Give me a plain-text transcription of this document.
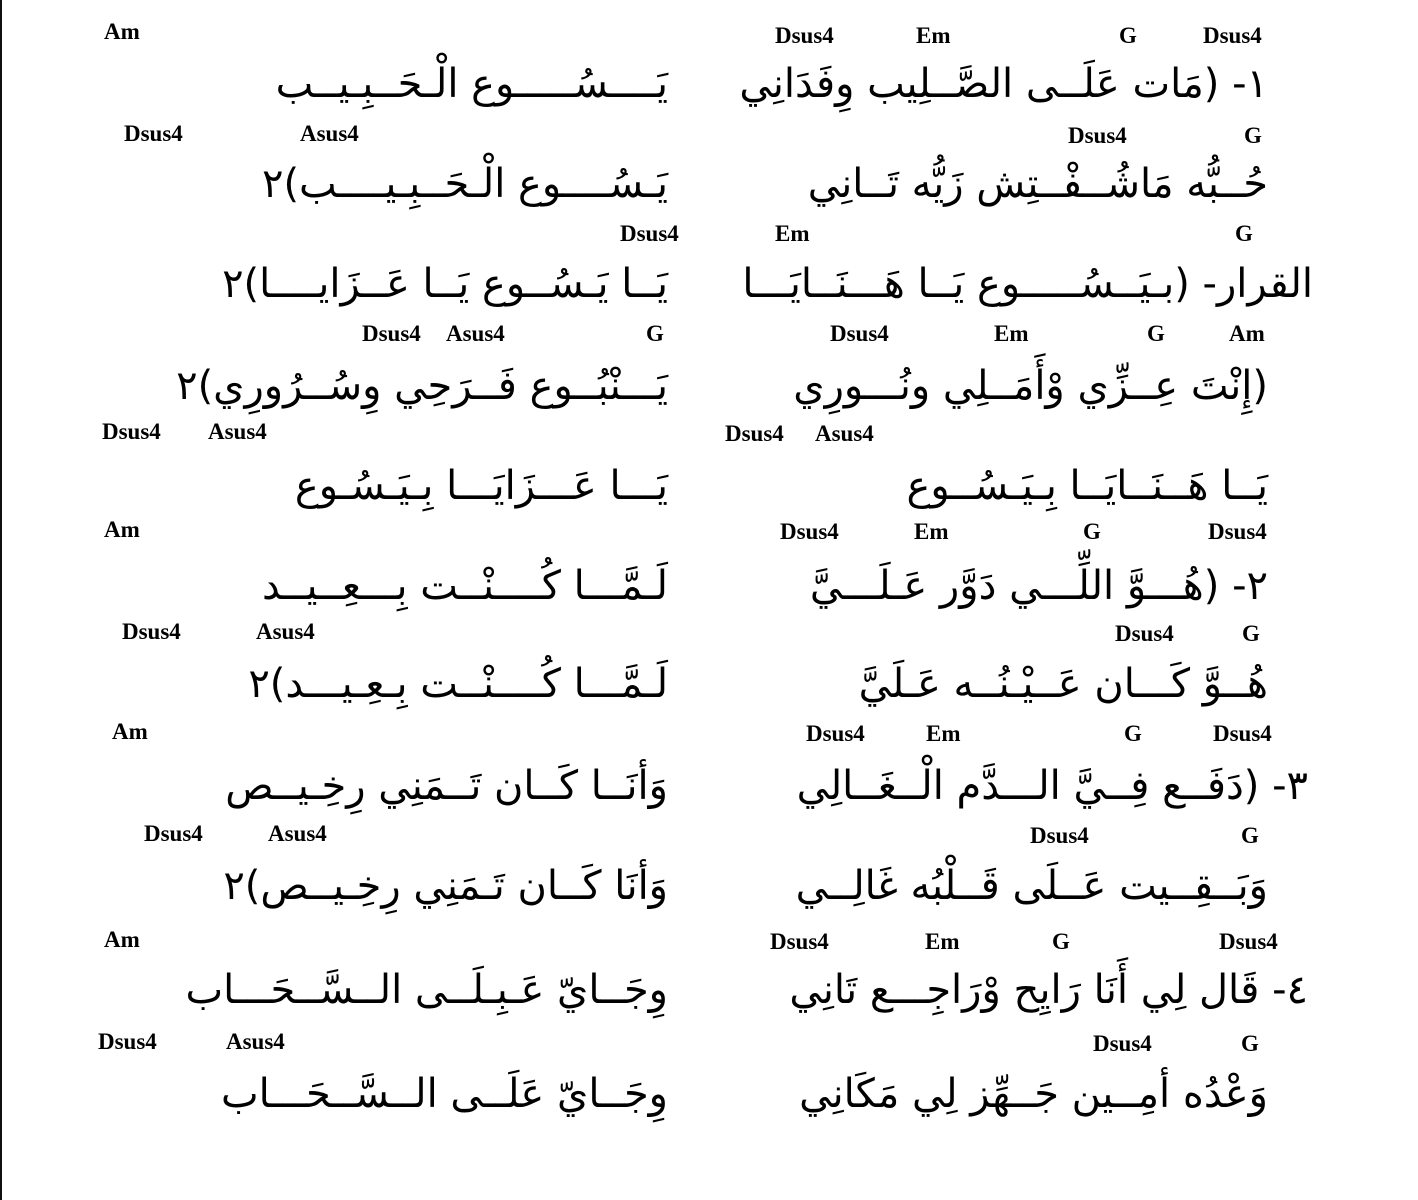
Am	Dsus4	Em	G	Dsus4
١- (مَات عَلَــى الصَّــلِيب وِفَدَانِي
يَــــسُـــــوع الْـحَــبِـيــب
Dsus4	Asus4	Dsus4	G
حُــبُّه مَاشُــفْــتِش زَيُّه تَــانِي
يَـسُــــوع الْـحَــبِـيــــب)٢
Dsus4	Em	G
القرار- (بـيَــسُـــــوع يَــا هَـــنَــايَـــا
يَــا يَـسُــوع يَــا عَــزَايــــا)٢
Dsus4 Asus4	G	Dsus4	Em	G	Am
(إِنْتَ عِــزِّي وْأَمَــلِي ونُـــورِي
يَـــنْبُــوع فَــرَحِي وِسُــرُورِي)٢
Dsus4 Asus4	Dsus4 Asus4
يَــا هَــنَــايَــا بِـيَـسُــوع
يَـــا عَـــزَايَـــا بِـيَـسُـوع
Am	Dsus4	Em	G	Dsus4
٢- (هُـــوَّ اللِّـــي دَوَّر عَـلَـــيَّ
لَـمَّـــا كُــــنْــت بِـــعِــيــد
Dsus4	Asus4	Dsus4	G
هُــوَّ كَـــان عَــيْـنُــه عَـلَيَّ
لَـمَّـــا كُــــنْــت بِـعِـيـــد)٢
Am	Dsus4	Em	G	Dsus4
٣- (دَفَــع فِــيَّ الـــدَّم الْــغَــالِي
وَأنَــا كَــان تَــمَنِي رِخِـيــص
Dsus4	Asus4	Dsus4	G
وَبَــقِــيت عَــلَى قَــلْبُه غَالِــي
وَأنَا كَــان تَـمَنِي رِخِـيــص)٢
Am	Dsus4	Em	G	Dsus4
٤- قَال لِي أَنَا رَايِح وْرَاجِـــع تَانِي
وِجَــايّ عَـبِـلَــى الــسَّــحَـــاب
Dsus4	Asus4	Dsus4	G
وَعْدُه أمِــين جَــهِّز لِي مَكَانِي
وِجَــايّ عَلَــى الــسَّــحَـــاب
